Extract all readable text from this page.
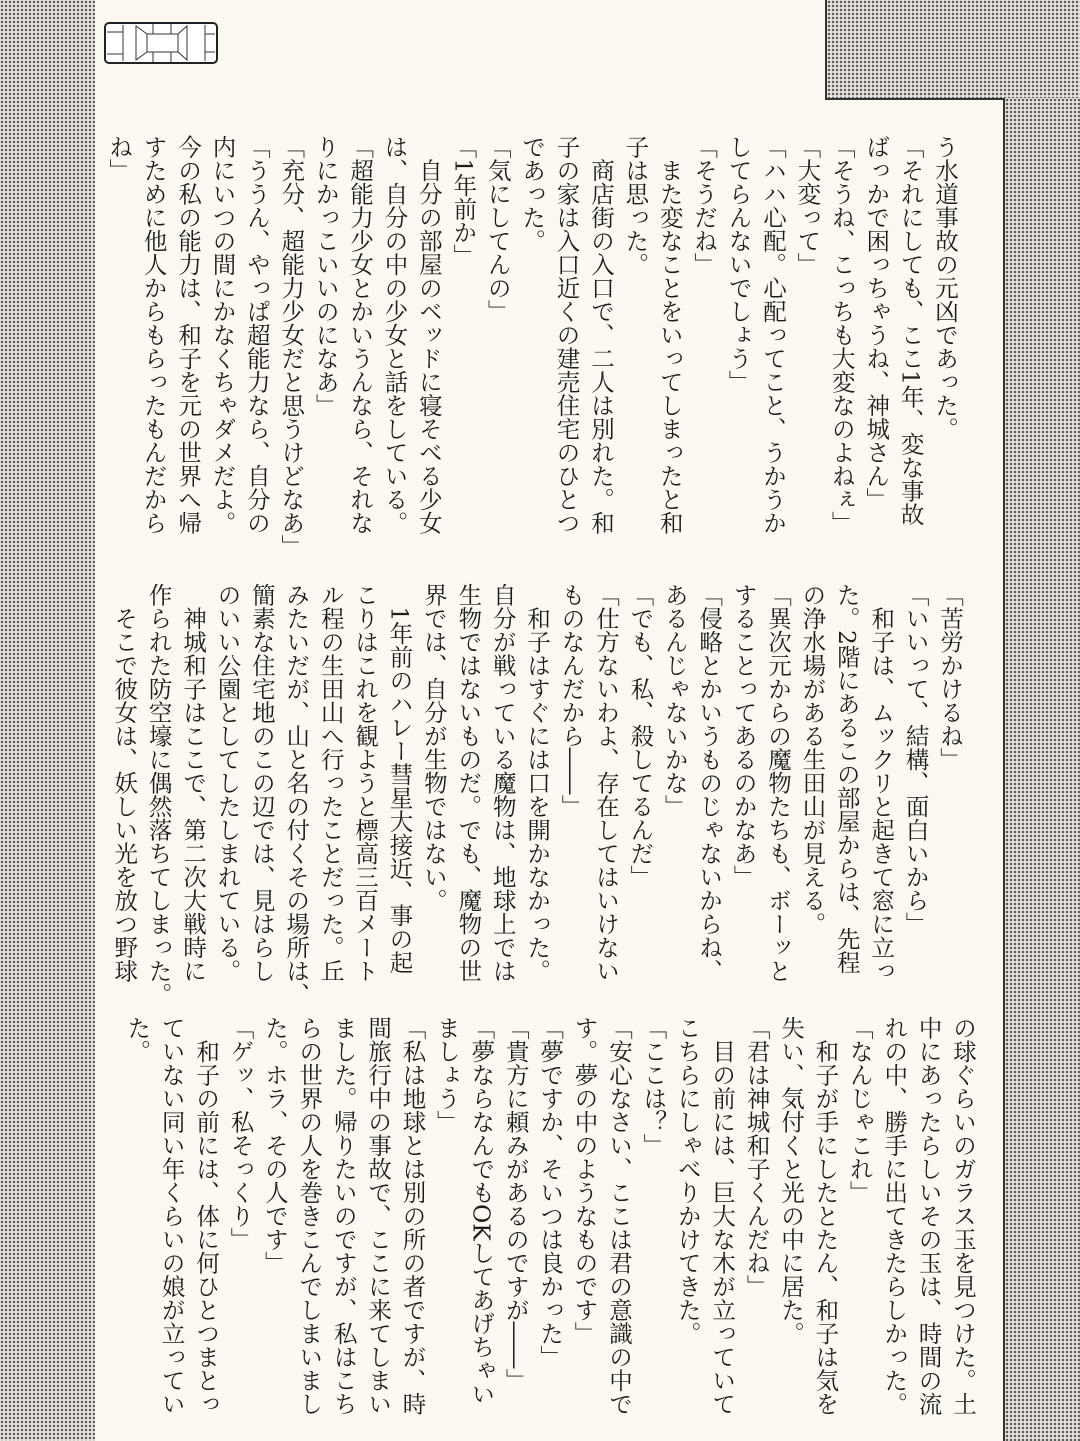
う水道事故の元凶であった。
「それにしても、ここ1年、変な事故
ばっかで困っちゃうね、神城さん」
「そうね、こっちも大変なのよねぇ」
「大変って」
「ハハ心配。心配ってこと、うかうか
してらんないでしょう」
「そうだね」
　また変なことをいってしまったと和
子は思った。
　商店街の入口で、二人は別れた。和
子の家は入口近くの建売住宅のひとつ
であった。
「気にしてんの」
「1年前か」
　自分の部屋のベッドに寝そべる少女
は、自分の中の少女と話をしている。
「超能力少女とかいうんなら、それな
りにかっこいいのになあ」
「充分、超能力少女だと思うけどなあ」
「ううん、やっぱ超能力なら、自分の
内にいつの間にかなくちゃダメだよ。
今の私の能力は、和子を元の世界へ帰
すために他人からもらったもんだから
ね」
「苦労かけるね」
「いいって、結構、面白いから」
　和子は、ムックリと起きて窓に立っ
た。2階にあるこの部屋からは、先程
の浄水場がある生田山が見える。
「異次元からの魔物たちも、ボーッと
することってあるのかなあ」
「侵略とかいうものじゃないからね、
あるんじゃないかな」
「でも、私、殺してるんだ」
「仕方ないわよ、存在してはいけない
ものなんだから――」
　和子はすぐには口を開かなかった。
自分が戦っている魔物は、地球上では
生物ではないものだ。でも、魔物の世
界では、自分が生物ではない。
　1年前のハレー彗星大接近、事の起
こりはこれを観ようと標高三百メート
ル程の生田山へ行ったことだった。丘
みたいだが、山と名の付くその場所は、
簡素な住宅地のこの辺では、見はらし
のいい公園としてしたしまれている。
　神城和子はここで、第二次大戦時に
作られた防空壕に偶然落ちてしまった。
　そこで彼女は、妖しい光を放つ野球
の球ぐらいのガラス玉を見つけた。土
中にあったらしいその玉は、時間の流
れの中、勝手に出てきたらしかった。
「なんじゃこれ」
　和子が手にしたとたん、和子は気を
失い、気付くと光の中に居た。
「君は神城和子くんだね」
　目の前には、巨大な木が立っていて
こちらにしゃべりかけてきた。
「ここは？」
「安心なさい、ここは君の意識の中で
す。夢の中のようなものです」
「夢ですか、そいつは良かった」
「貴方に頼みがあるのですが――」
「夢ならなんでもOKしてあげちゃい
ましょう」
「私は地球とは別の所の者ですが、時
間旅行中の事故で、ここに来てしまい
ました。帰りたいのですが、私はこち
らの世界の人を巻きこんでしまいまし
た。ホラ、その人です」
「ゲッ、私そっくり」
　和子の前には、体に何ひとつまとっ
ていない同い年くらいの娘が立ってい
た。
